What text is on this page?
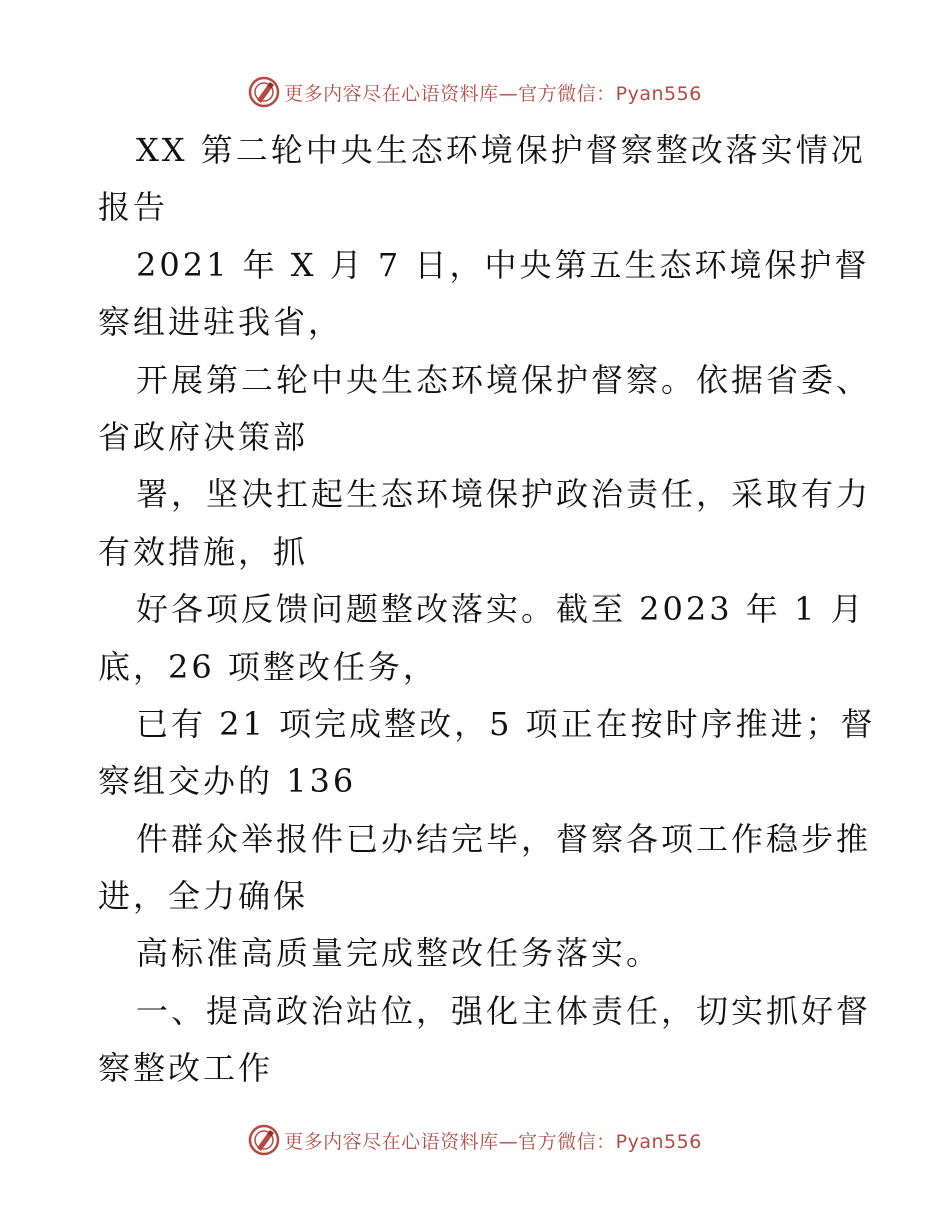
更多内容尽在心语资料库—官方微信：Pyan556
XX 第二轮中央生态环境保护督察整改落实情况
报告
2021 年 X 月 7 日，中央第五生态环境保护督
察组进驻我省，
开展第二轮中央生态环境保护督察。依据省委、
省政府决策部
署，坚决扛起生态环境保护政治责任，采取有力
有效措施，抓
好各项反馈问题整改落实。截至 2023 年 1 月
底，26 项整改任务，
已有 21 项完成整改，5 项正在按时序推进；督
察组交办的 136
件群众举报件已办结完毕，督察各项工作稳步推
进，全力确保
高标准高质量完成整改任务落实。
一、提高政治站位，强化主体责任，切实抓好督
察整改工作
更多内容尽在心语资料库—官方微信：Pyan556
